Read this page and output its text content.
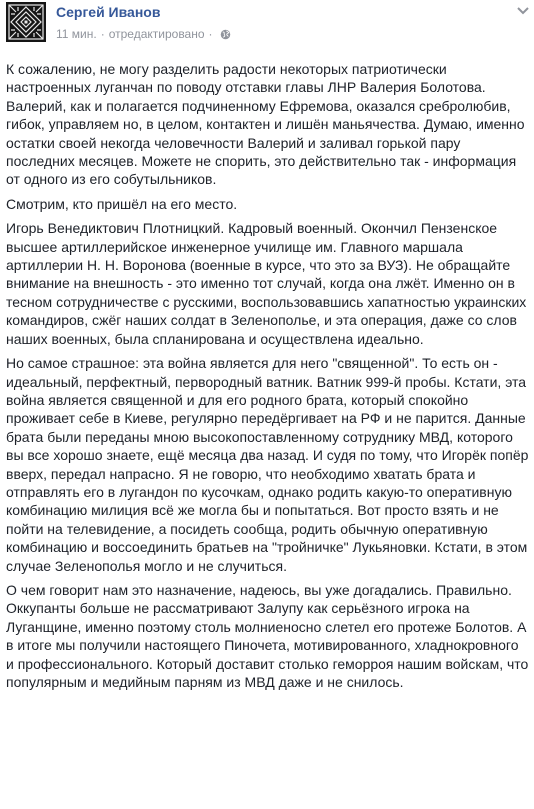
Сергей Иванов
11 мин. · отредактировано ·

К сожалению, не могу разделить радости некоторых патриотически настроенных луганчан по поводу отставки главы ЛНР Валерия Болотова. Валерий, как и полагается подчиненному Ефремова, оказался сребролюбив, гибок, управляем но, в целом, контактен и лишён маньячества. Думаю, именно остатки своей некогда человечности Валерий и заливал горькой пару последних месяцев. Можете не спорить, это действительно так - информация от одного из его собутыльников.

Смотрим, кто пришёл на его место.

Игорь Венедиктович Плотницкий. Кадровый военный. Окончил Пензенское высшее артиллерийское инженерное училище им. Главного маршала артиллерии Н. Н. Воронова (военные в курсе, что это за ВУЗ). Не обращайте внимание на внешность - это именно тот случай, когда она лжёт. Именно он в тесном сотрудничестве с русскими, воспользовавшись хапатностью украинских командиров, сжёг наших солдат в Зеленополье, и эта операция, даже со слов наших военных, была спланирована и осуществлена идеально.

Но самое страшное: эта война является для него "священной". То есть он - идеальный, перфектный, первородный ватник. Ватник 999-й пробы. Кстати, эта война является священной и для его родного брата, который спокойно проживает себе в Киеве, регулярно передёргивает на РФ и не парится. Данные брата были переданы мною высокопоставленному сотруднику МВД, которого вы все хорошо знаете, ещё месяца два назад. И судя по тому, что Игорёк попёр вверх, передал напрасно. Я не говорю, что необходимо хватать брата и отправлять его в лугандон по кусочкам, однако родить какую-то оперативную комбинацию милиция всё же могла бы и попытаться. Вот просто взять и не пойти на телевидение, а посидеть сообща, родить обычную оперативную комбинацию и воссоединить братьев на "тройничке" Лукьяновки. Кстати, в этом случае Зеленополья могло и не случиться.

О чем говорит нам это назначение, надеюсь, вы уже догадались. Правильно. Оккупанты больше не рассматривают Залупу как серьёзного игрока на Луганщине, именно поэтому столь молниеносно слетел его протеже Болотов. А в итоге мы получили настоящего Пиночета, мотивированного, хладнокровного и профессионального. Который доставит столько геморроя нашим войскам, что популярным и медийным парням из МВД даже и не снилось.
